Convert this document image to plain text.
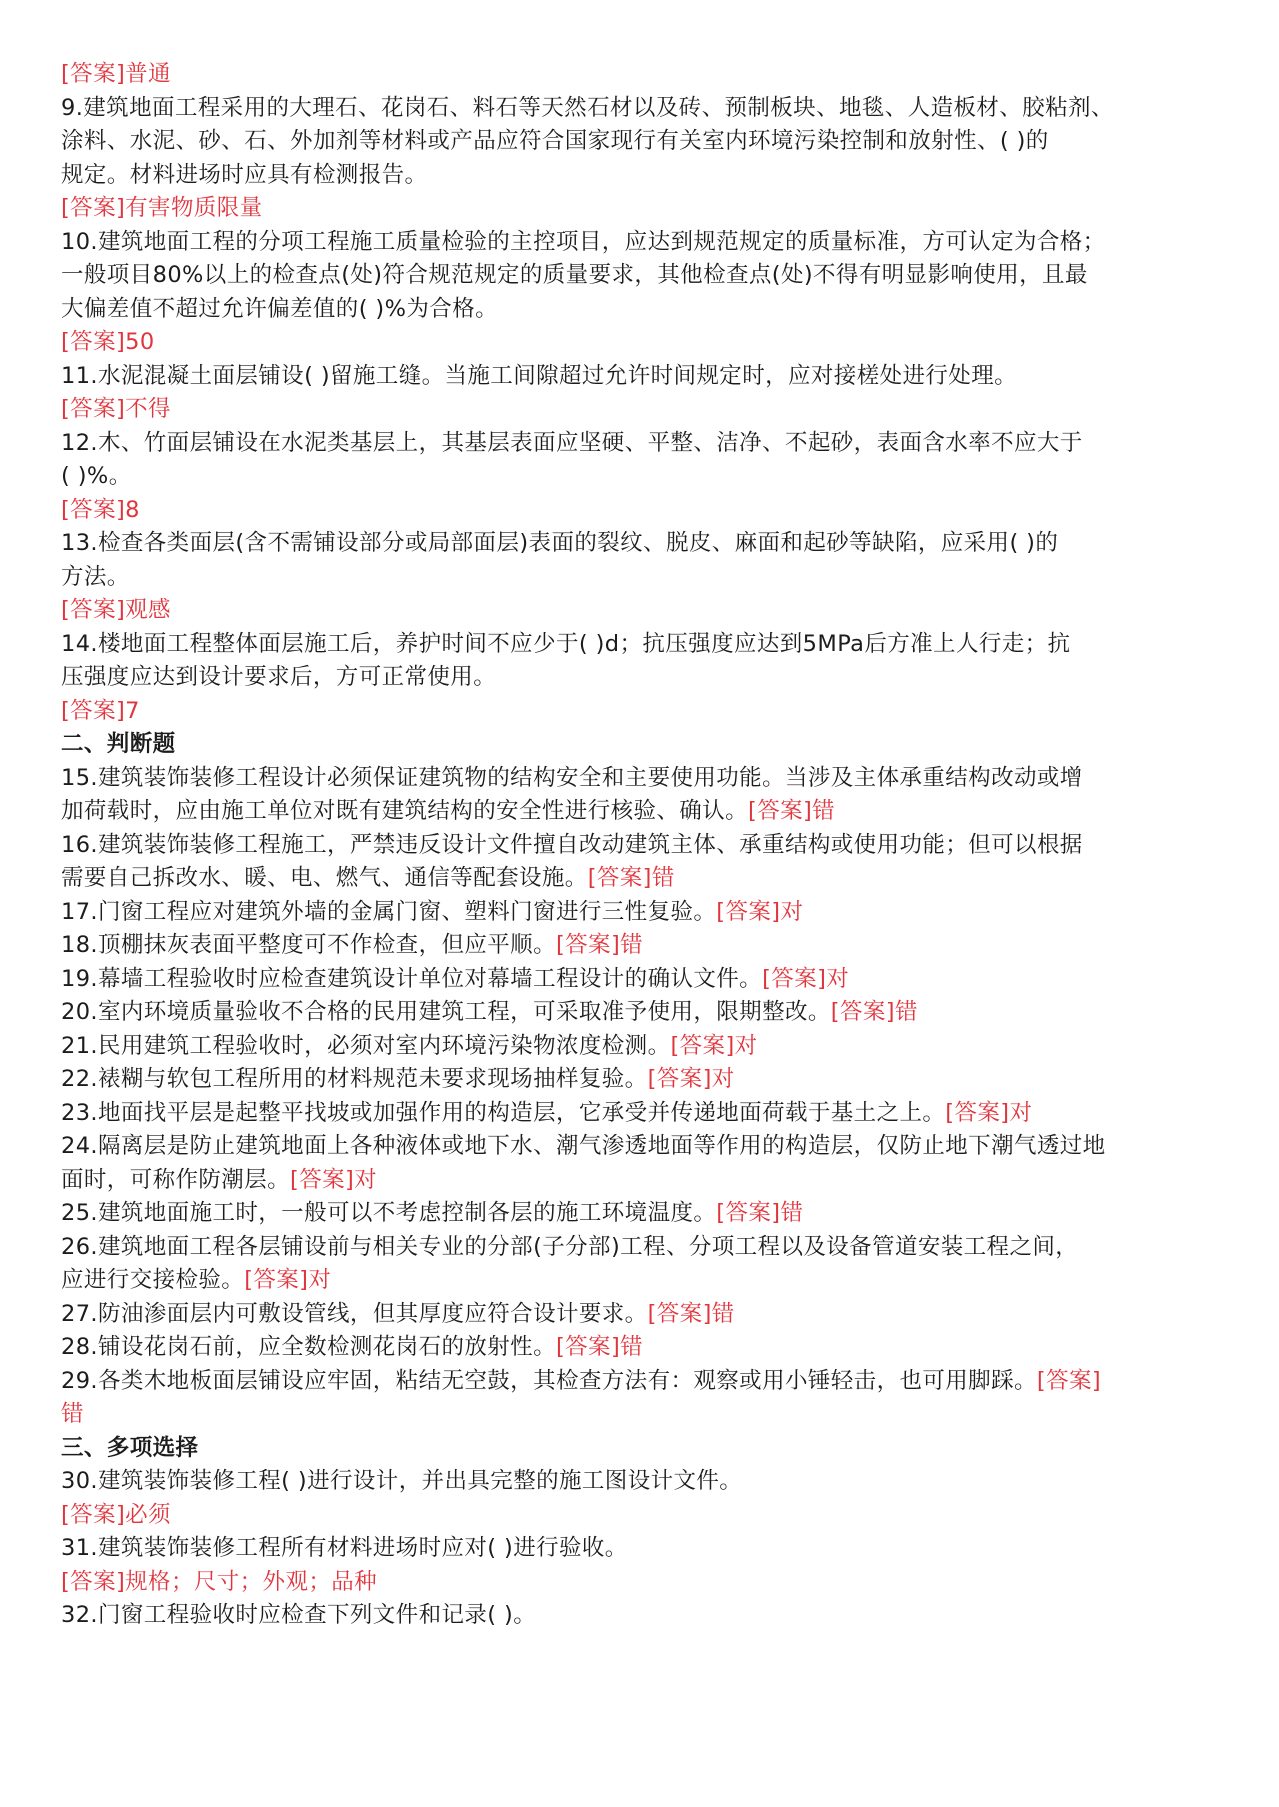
[答案]普通
9.建筑地面工程采用的大理石、花岗石、料石等天然石材以及砖、预制板块、地毯、人造板材、胶粘剂、
涂料、水泥、砂、石、外加剂等材料或产品应符合国家现行有关室内环境污染控制和放射性、( )的
规定。材料进场时应具有检测报告。
[答案]有害物质限量
10.建筑地面工程的分项工程施工质量检验的主控项目，应达到规范规定的质量标准，方可认定为合格；
一般项目80%以上的检查点(处)符合规范规定的质量要求，其他检查点(处)不得有明显影响使用，且最
大偏差值不超过允许偏差值的( )%为合格。
[答案]50
11.水泥混凝土面层铺设( )留施工缝。当施工间隙超过允许时间规定时，应对接槎处进行处理。
[答案]不得
12.木、竹面层铺设在水泥类基层上，其基层表面应坚硬、平整、洁净、不起砂，表面含水率不应大于
( )%。
[答案]8
13.检查各类面层(含不需铺设部分或局部面层)表面的裂纹、脱皮、麻面和起砂等缺陷，应采用( )的
方法。
[答案]观感
14.楼地面工程整体面层施工后，养护时间不应少于( )d；抗压强度应达到5MPa后方准上人行走；抗
压强度应达到设计要求后，方可正常使用。
[答案]7
二、判断题
15.建筑装饰装修工程设计必须保证建筑物的结构安全和主要使用功能。当涉及主体承重结构改动或增
加荷载时，应由施工单位对既有建筑结构的安全性进行核验、确认。[答案]错
16.建筑装饰装修工程施工，严禁违反设计文件擅自改动建筑主体、承重结构或使用功能；但可以根据
需要自己拆改水、暖、电、燃气、通信等配套设施。[答案]错
17.门窗工程应对建筑外墙的金属门窗、塑料门窗进行三性复验。[答案]对
18.顶棚抹灰表面平整度可不作检查，但应平顺。[答案]错
19.幕墙工程验收时应检查建筑设计单位对幕墙工程设计的确认文件。[答案]对
20.室内环境质量验收不合格的民用建筑工程，可采取准予使用，限期整改。[答案]错
21.民用建筑工程验收时，必须对室内环境污染物浓度检测。[答案]对
22.裱糊与软包工程所用的材料规范未要求现场抽样复验。[答案]对
23.地面找平层是起整平找坡或加强作用的构造层，它承受并传递地面荷载于基土之上。[答案]对
24.隔离层是防止建筑地面上各种液体或地下水、潮气渗透地面等作用的构造层，仅防止地下潮气透过地
面时，可称作防潮层。[答案]对
25.建筑地面施工时，一般可以不考虑控制各层的施工环境温度。[答案]错
26.建筑地面工程各层铺设前与相关专业的分部(子分部)工程、分项工程以及设备管道安装工程之间，
应进行交接检验。[答案]对
27.防油渗面层内可敷设管线，但其厚度应符合设计要求。[答案]错
28.铺设花岗石前，应全数检测花岗石的放射性。[答案]错
29.各类木地板面层铺设应牢固，粘结无空鼓，其检查方法有：观察或用小锤轻击，也可用脚踩。[答案]
错
三、多项选择
30.建筑装饰装修工程( )进行设计，并出具完整的施工图设计文件。
[答案]必须
31.建筑装饰装修工程所有材料进场时应对( )进行验收。
[答案]规格；尺寸；外观；品种
32.门窗工程验收时应检查下列文件和记录( )。
